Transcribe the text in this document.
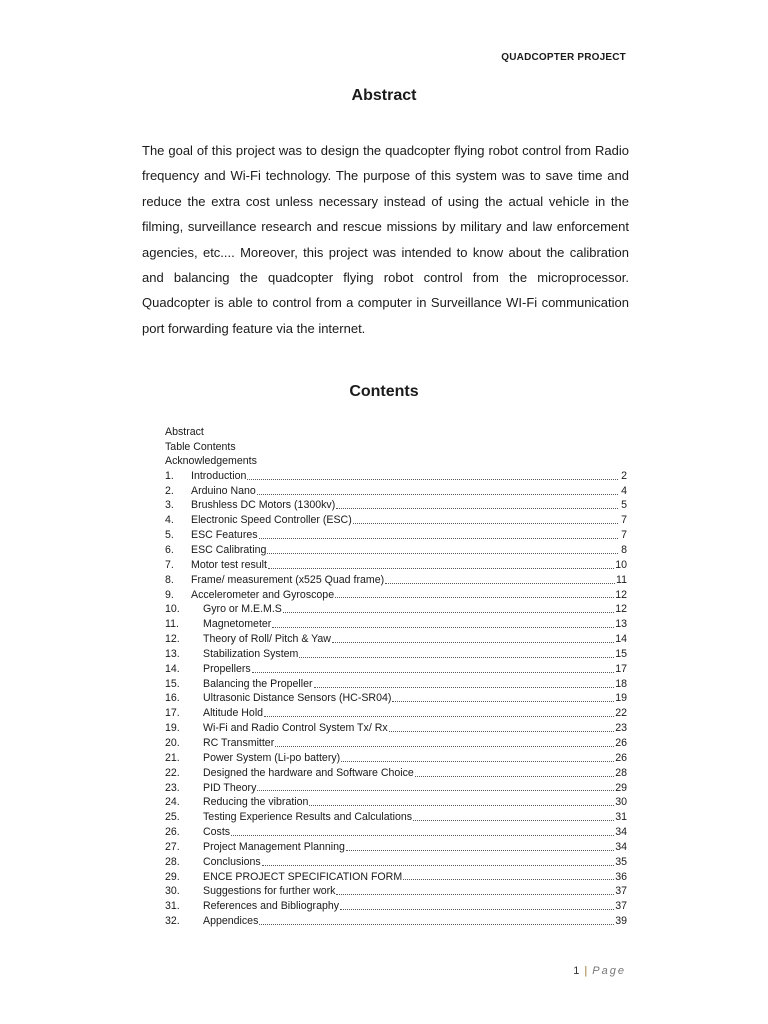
QUADCOPTER PROJECT
Abstract

The goal of this project was to design the quadcopter flying robot control from Radio frequency and Wi-Fi technology. The purpose of this system was to save time and reduce the extra cost unless necessary instead of using the actual vehicle in the filming, surveillance research and rescue missions by military and law enforcement agencies, etc.... Moreover, this project was intended to know about the calibration and balancing the quadcopter flying robot control from the microprocessor. Quadcopter is able to control from a computer in Surveillance WI-Fi communication port forwarding feature via the internet.

Contents
Abstract
Table Contents
Acknowledgements
1.	Introduction	2
2.	Arduino Nano	4
3.	Brushless DC Motors (1300kv)	5
4.	Electronic Speed Controller (ESC)	7
5.	ESC Features	7
6.	ESC Calibrating	8
7.	Motor test result	10
8.	Frame/ measurement (x525 Quad frame)	11
9.	Accelerometer and Gyroscope	12
10.	Gyro or M.E.M.S	12
11.	Magnetometer	13
12.	Theory of Roll/ Pitch & Yaw	14
13.	Stabilization System	15
14.	Propellers	17
15.	Balancing the Propeller	18
16.	Ultrasonic Distance Sensors (HC-SR04)	19
17.	Altitude Hold	22
19.	Wi-Fi and Radio Control System Tx/ Rx	23
20.	RC Transmitter	26
21.	Power System (Li-po battery)	26
22.	Designed the hardware and Software Choice	28
23.	PID Theory	29
24.	Reducing the vibration	30
25.	Testing Experience Results and Calculations	31
26.	Costs	34
27.	Project Management Planning	34
28.	Conclusions	35
29.	ENCE PROJECT SPECIFICATION FORM	36
30.	Suggestions for further work	37
31.	References and Bibliography	37
32.	Appendices	39
1 | Page
